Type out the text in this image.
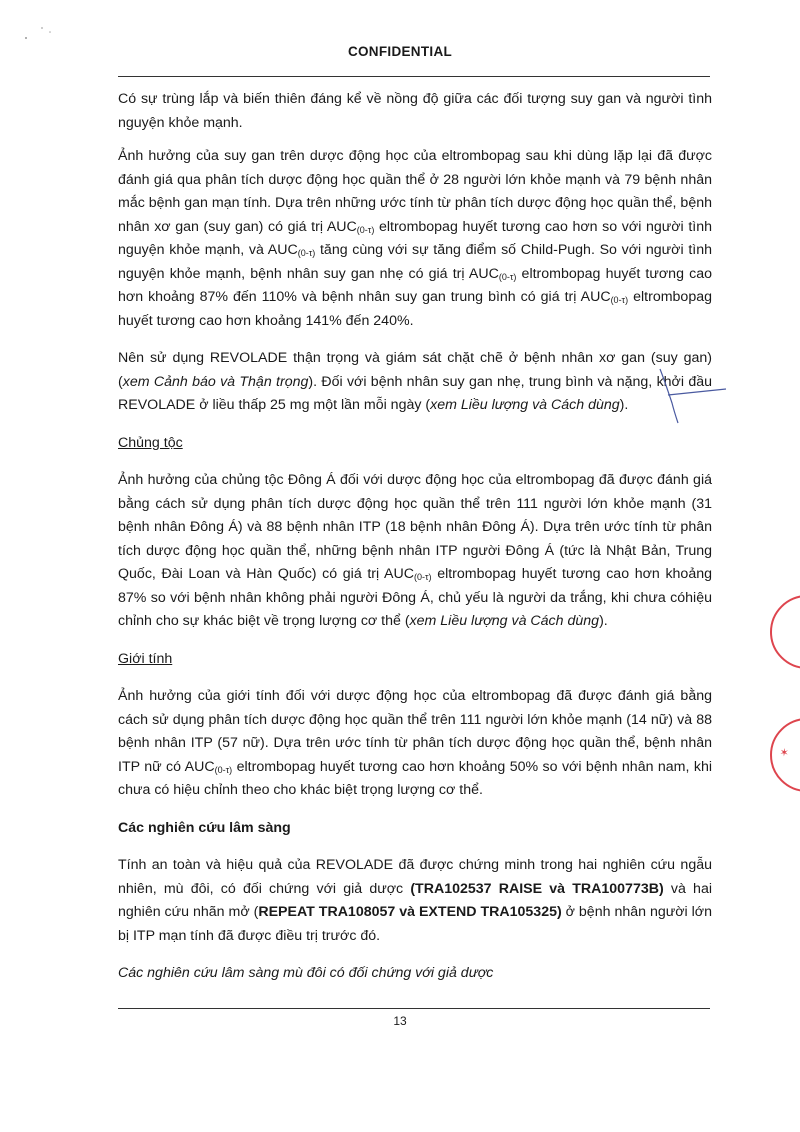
CONFIDENTIAL

Có sự trùng lắp và biến thiên đáng kể về nồng độ giữa các đối tượng suy gan và người tình nguyện khỏe mạnh.

Ảnh hưởng của suy gan trên dược động học của eltrombopag sau khi dùng lặp lại đã được đánh giá qua phân tích dược động học quần thể ở 28 người lớn khỏe mạnh và 79 bệnh nhân mắc bệnh gan mạn tính. Dựa trên những ước tính từ phân tích dược động học quần thể, bệnh nhân xơ gan (suy gan) có giá trị $AUC_{(0-\tau)}$ eltrombopag huyết tương cao hơn so với người tình nguyện khỏe mạnh, và $AUC_{(0-\tau)}$ tăng cùng với sự tăng điểm số Child-Pugh. So với người tình nguyện khỏe mạnh, bệnh nhân suy gan nhẹ có giá trị $AUC_{(0-\tau)}$ eltrombopag huyết tương cao hơn khoảng 87% đến 110% và bệnh nhân suy gan trung bình có giá trị $AUC_{(0-\tau)}$ eltrombopag huyết tương cao hơn khoảng 141% đến 240%.

Nên sử dụng REVOLADE thận trọng và giám sát chặt chẽ ở bệnh nhân xơ gan (suy gan) (xem Cảnh báo và Thận trọng). Đối với bệnh nhân suy gan nhẹ, trung bình và nặng, khởi đầu REVOLADE ở liều thấp 25 mg một lần mỗi ngày (xem Liều lượng và Cách dùng).

Chủng tộc

Ảnh hưởng của chủng tộc Đông Á đối với dược động học của eltrombopag đã được đánh giá bằng cách sử dụng phân tích dược động học quần thể trên 111 người lớn khỏe mạnh (31 bệnh nhân Đông Á) và 88 bệnh nhân ITP (18 bệnh nhân Đông Á). Dựa trên ước tính từ phân tích dược động học quần thể, những bệnh nhân ITP người Đông Á (tức là Nhật Bản, Trung Quốc, Đài Loan và Hàn Quốc) có giá trị $AUC_{(0-\tau)}$ eltrombopag huyết tương cao hơn khoảng 87% so với bệnh nhân không phải người Đông Á, chủ yếu là người da trắng, khi chưa cóhiệu chỉnh cho sự khác biệt về trọng lượng cơ thể (xem Liều lượng và Cách dùng).

Giới tính

Ảnh hưởng của giới tính đối với dược động học của eltrombopag đã được đánh giá bằng cách sử dụng phân tích dược động học quần thể trên 111 người lớn khỏe mạnh (14 nữ) và 88 bệnh nhân ITP (57 nữ). Dựa trên ước tính từ phân tích dược động học quần thể, bệnh nhân ITP nữ có $AUC_{(0-\tau)}$ eltrombopag huyết tương cao hơn khoảng 50% so với bệnh nhân nam, khi chưa có hiệu chỉnh theo cho khác biệt trọng lượng cơ thể.

Các nghiên cứu lâm sàng

Tính an toàn và hiệu quả của REVOLADE đã được chứng minh trong hai nghiên cứu ngẫu nhiên, mù đôi, có đối chứng với giả dược (TRA102537 RAISE và TRA100773B) và hai nghiên cứu nhãn mở (REPEAT TRA108057 và EXTEND TRA105325) ở bệnh nhân người lớn bị ITP mạn tính đã được điều trị trước đó.

Các nghiên cứu lâm sàng mù đôi có đối chứng với giả dược

✶
13
